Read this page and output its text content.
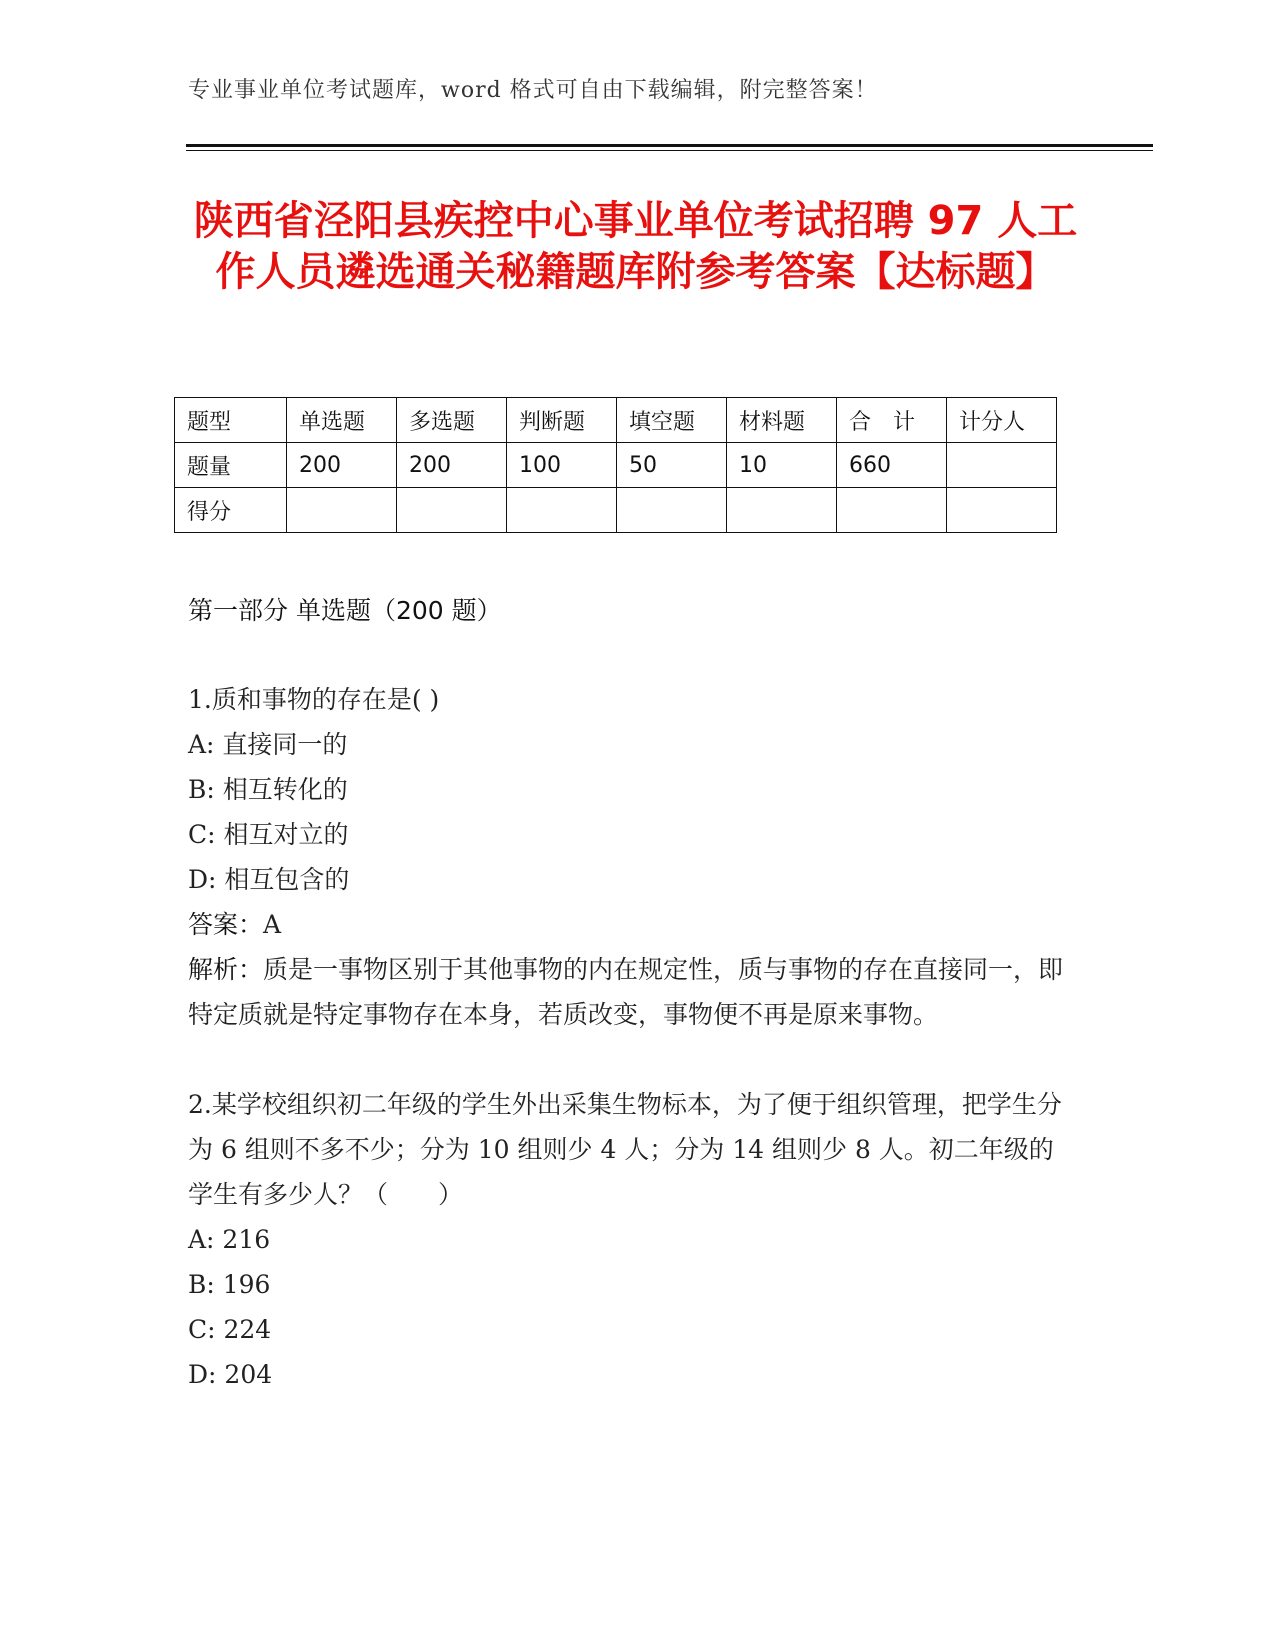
专业事业单位考试题库，word 格式可自由下载编辑，附完整答案！
陕西省泾阳县疾控中心事业单位考试招聘 97 人工作人员遴选通关秘籍题库附参考答案【达标题】
题型	单选题	多选题	判断题	填空题	材料题	合　计	计分人
题量	200	200	100	50	10	660	
得分							
第一部分 单选题（200 题）
1.质和事物的存在是( )
A: 直接同一的
B: 相互转化的
C: 相互对立的
D: 相互包含的
答案：A
解析：质是一事物区别于其他事物的内在规定性，质与事物的存在直接同一，即特定质就是特定事物存在本身，若质改变，事物便不再是原来事物。
2.某学校组织初二年级的学生外出采集生物标本，为了便于组织管理，把学生分为 6 组则不多不少；分为 10 组则少 4 人；分为 14 组则少 8 人。初二年级的学生有多少人？（　　）
A: 216
B: 196
C: 224
D: 204
